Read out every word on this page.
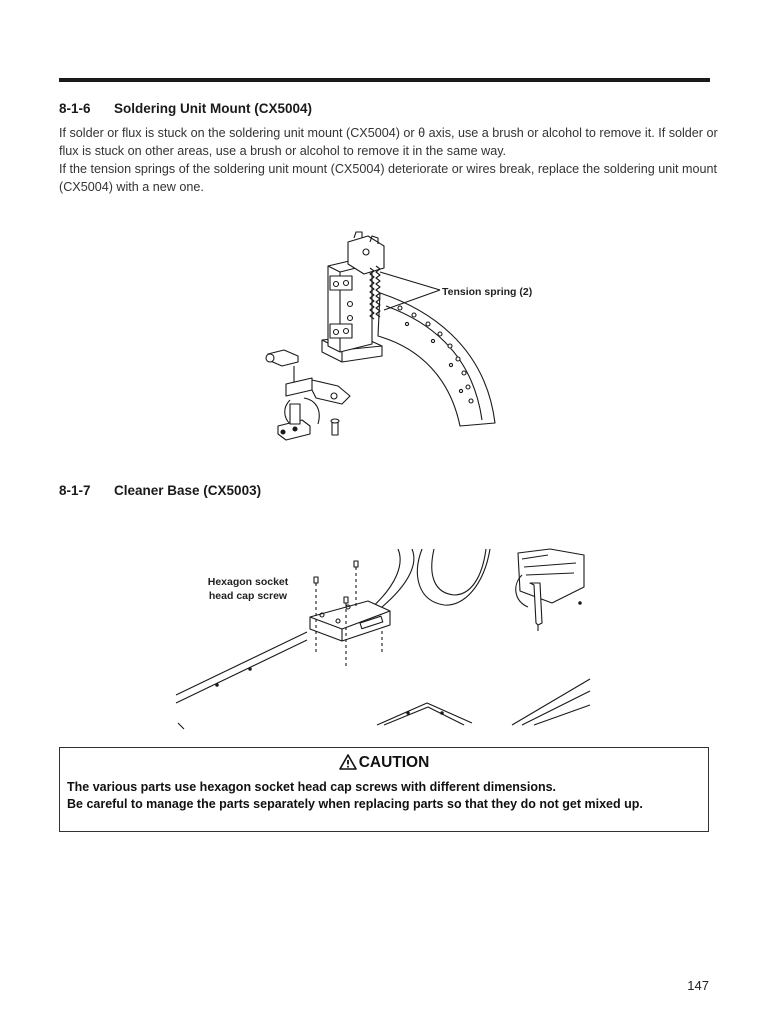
8-1-6 Soldering Unit Mount (CX5004)

If solder or flux is stuck on the soldering unit mount (CX5004) or θ axis, use a brush or alcohol to remove it. If solder or flux is stuck on other areas, use a brush or alcohol to remove it in the same way.

If the tension springs of the soldering unit mount (CX5004) deteriorate or wires break, replace the soldering unit mount (CX5004) with a new one.

Tension spring (2)
8-1-7 Cleaner Base (CX5003)
Hexagon socket
head cap screw
CAUTION

The various parts use hexagon socket head cap screws with different dimensions.

Be careful to manage the parts separately when replacing parts so that they do not get mixed up.

147
